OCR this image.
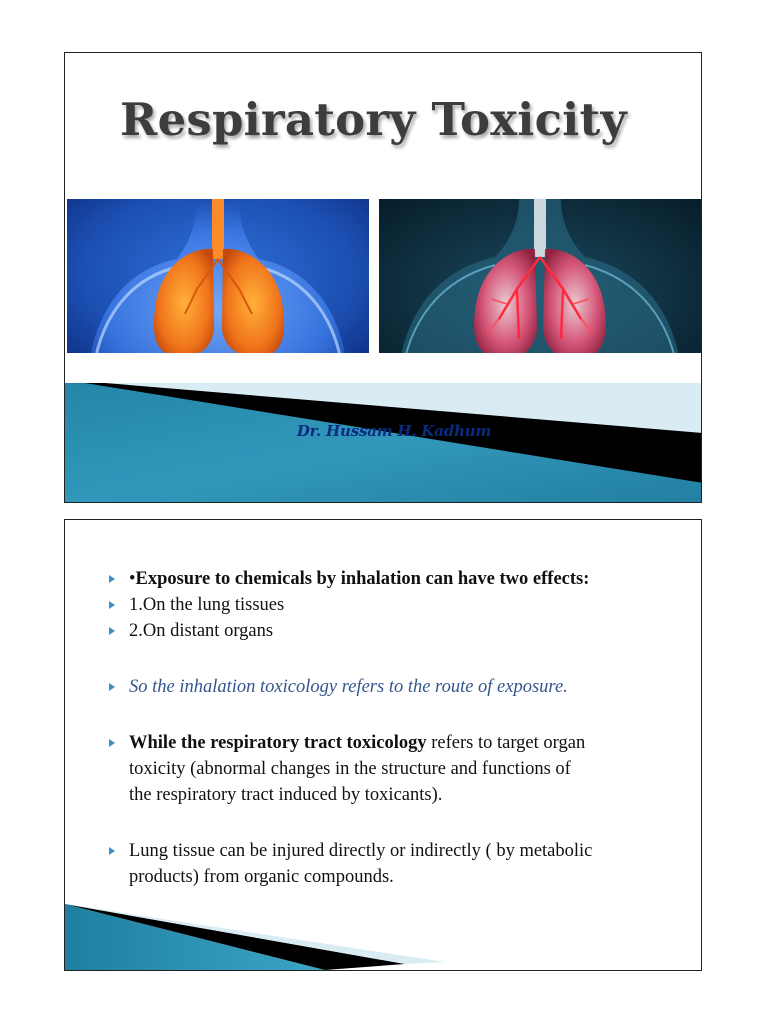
Respiratory Toxicity
Dr. Hussam H. Kadhum
•Exposure to chemicals by inhalation can have two effects:
1.On the lung tissues
2.On distant organs
So the inhalation toxicology refers to the route of exposure.
While the respiratory tract toxicology refers to target organ
toxicity (abnormal changes in the structure and functions of
the respiratory tract induced by toxicants).
Lung tissue can be injured directly or indirectly ( by metabolic
products) from organic compounds.
